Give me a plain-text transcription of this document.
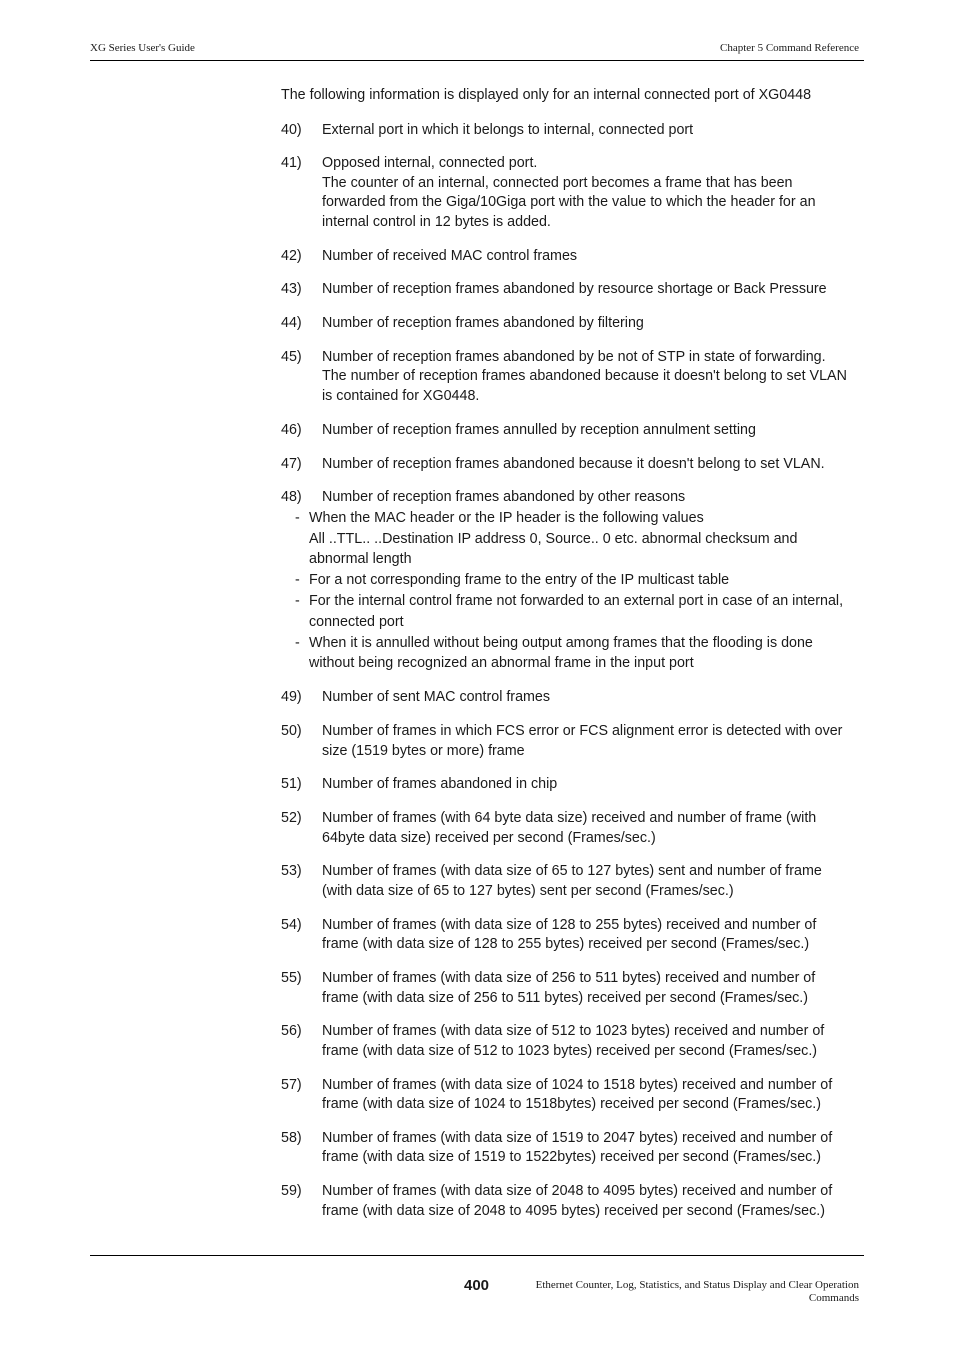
XG Series User's Guide	Chapter 5 Command Reference

The following information is displayed only for an internal connected port of XG0448

40) External port in which it belongs to internal, connected port
41) Opposed internal, connected port.
The counter of an internal, connected port becomes a frame that has been
forwarded from the Giga/10Giga port with the value to which the header for an
internal control in 12 bytes is added.
42) Number of received MAC control frames
43) Number of reception frames abandoned by resource shortage or Back Pressure
44) Number of reception frames abandoned by filtering
45) Number of reception frames abandoned by be not of STP in state of forwarding.
The number of reception frames abandoned because it doesn't belong to set VLAN
is contained for XG0448.
46) Number of reception frames annulled by reception annulment setting
47) Number of reception frames abandoned because it doesn't belong to set VLAN.
48) Number of reception frames abandoned by other reasons
- When the MAC header or the IP header is the following values
All ..TTL.. ..Destination IP address 0, Source.. 0 etc. abnormal checksum and
abnormal length
- For a not corresponding frame to the entry of the IP multicast table
- For the internal control frame not forwarded to an external port in case of an internal,
connected port
- When it is annulled without being output among frames that the flooding is done
without being recognized an abnormal frame in the input port
49) Number of sent MAC control frames
50) Number of frames in which FCS error or FCS alignment error is detected with over
size (1519 bytes or more) frame
51) Number of frames abandoned in chip
52) Number of frames (with 64 byte data size) received and number of frame (with
64byte data size) received per second (Frames/sec.)
53) Number of frames (with data size of 65 to 127 bytes) sent and number of frame
(with data size of 65 to 127 bytes) sent per second (Frames/sec.)
54) Number of frames (with data size of 128 to 255 bytes) received and number of
frame (with data size of 128 to 255 bytes) received per second (Frames/sec.)
55) Number of frames (with data size of 256 to 511 bytes) received and number of
frame (with data size of 256 to 511 bytes) received per second (Frames/sec.)
56) Number of frames (with data size of 512 to 1023 bytes) received and number of
frame (with data size of 512 to 1023 bytes) received per second (Frames/sec.)
57) Number of frames (with data size of 1024 to 1518 bytes) received and number of
frame (with data size of 1024 to 1518bytes) received per second (Frames/sec.)
58) Number of frames (with data size of 1519 to 2047 bytes) received and number of
frame (with data size of 1519 to 1522bytes) received per second (Frames/sec.)
59) Number of frames (with data size of 2048 to 4095 bytes) received and number of
frame (with data size of 2048 to 4095 bytes) received per second (Frames/sec.)
400	Ethernet Counter, Log, Statistics, and Status Display and Clear Operation
Commands
